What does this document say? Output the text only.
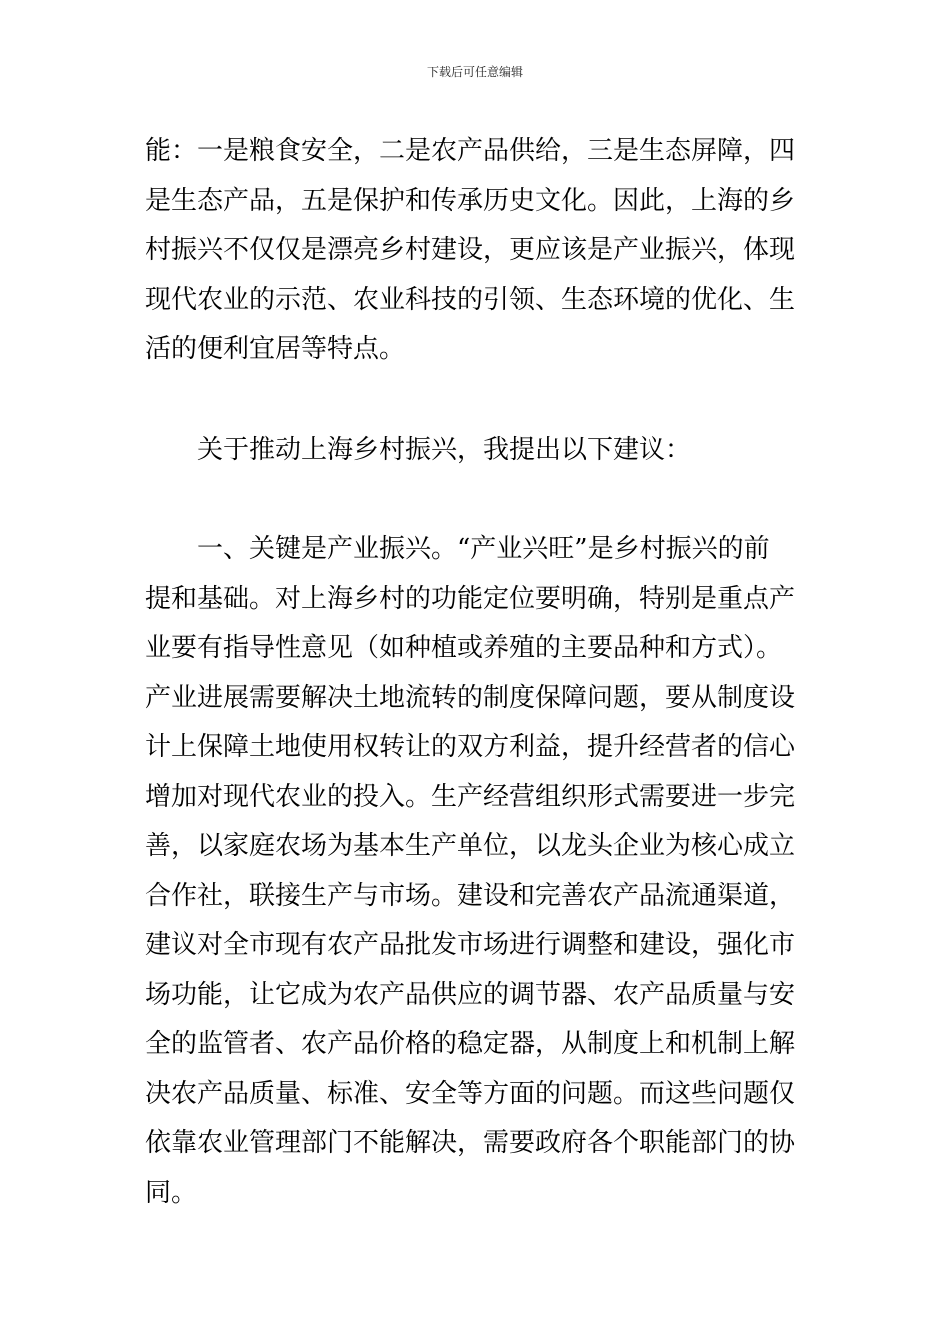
下载后可任意编辑
能：一是粮食安全，二是农产品供给，三是生态屏障，四
是生态产品，五是保护和传承历史文化。因此，上海的乡
村振兴不仅仅是漂亮乡村建设，更应该是产业振兴，体现
现代农业的示范、农业科技的引领、生态环境的优化、生
活的便利宜居等特点。
关于推动上海乡村振兴，我提出以下建议：
一、关键是产业振兴。“产业兴旺”是乡村振兴的前
提和基础。对上海乡村的功能定位要明确，特别是重点产
业要有指导性意见（如种植或养殖的主要品种和方式）。
产业进展需要解决土地流转的制度保障问题，要从制度设
计上保障土地使用权转让的双方利益，提升经营者的信心
增加对现代农业的投入。生产经营组织形式需要进一步完
善，以家庭农场为基本生产单位，以龙头企业为核心成立
合作社，联接生产与市场。建设和完善农产品流通渠道，
建议对全市现有农产品批发市场进行调整和建设，强化市
场功能，让它成为农产品供应的调节器、农产品质量与安
全的监管者、农产品价格的稳定器，从制度上和机制上解
决农产品质量、标准、安全等方面的问题。而这些问题仅
依靠农业管理部门不能解决，需要政府各个职能部门的协
同。
